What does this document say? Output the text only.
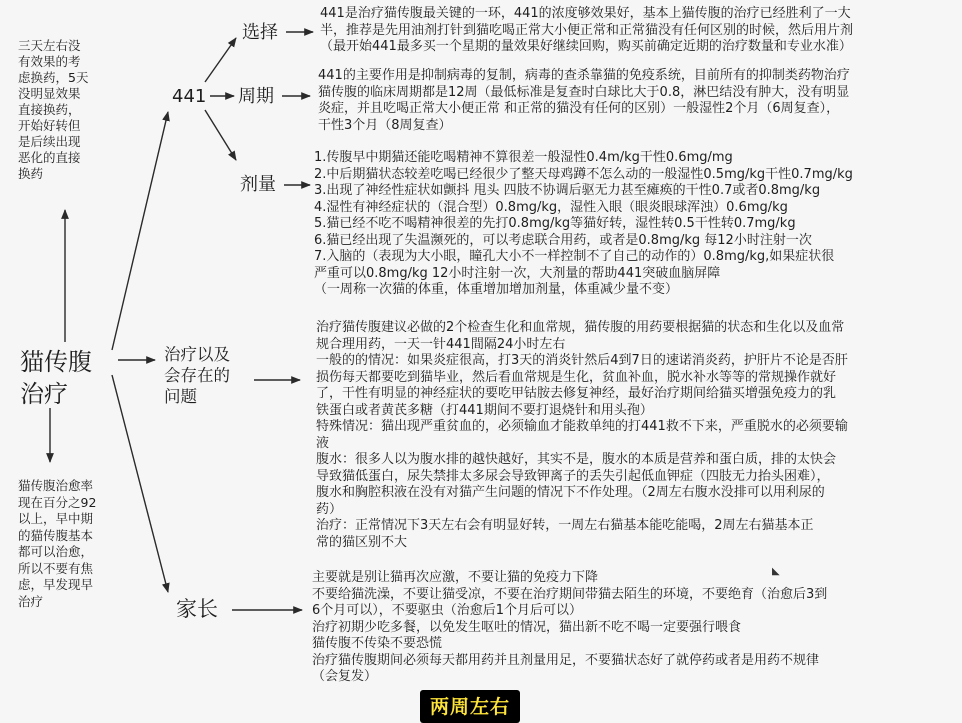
猫传腹
治疗
三天左右没
有效果的考
虑换药，5天
没明显效果
直接换药，
开始好转但
是后续出现
恶化的直接
换药
猫传腹治愈率
现在百分之92
以上，早中期
的猫传腹基本
都可以治愈，
所以不要有焦
虑，早发现早
治疗
441
选择
周期
剂量
441是治疗猫传腹最关键的一环，441的浓度够效果好，基本上猫传腹的治疗已经胜利了一大
半，推荐是先用油剂打针到猫吃喝正常大小便正常和正常猫没有任何区别的时候，然后用片剂
（最开始441最多买一个星期的量效果好继续回购，购买前确定近期的治疗数量和专业水准）
441的主要作用是抑制病毒的复制，病毒的查杀靠猫的免疫系统，目前所有的抑制类药物治疗
猫传腹的临床周期都是12周（最低标准是复查时白球比大于0.8，淋巴结没有肿大，没有明显
炎症，并且吃喝正常大小便正常 和正常的猫没有任何的区别）一般湿性2个月（6周复查），
干性3个月（8周复查）
1.传腹早中期猫还能吃喝精神不算很差一般湿性0.4m/kg干性0.6mg/mg
2.中后期猫状态较差吃喝已经很少了整天母鸡蹲不怎么动的一般湿性0.5mg/kg干性0.7mg/kg
3.出现了神经性症状如颤抖 甩头 四肢不协调后驱无力甚至瘫痪的干性0.7或者0.8mg/kg
4.湿性有神经症状的（混合型）0.8mg/kg，湿性入眼（眼炎眼球浑浊）0.6mg/kg
5.猫已经不吃不喝精神很差的先打0.8mg/kg等猫好转，湿性转0.5干性转0.7mg/kg
6.猫已经出现了失温濒死的，可以考虑联合用药，或者是0.8mg/kg 每12小时注射一次
7.入脑的（表现为大小眼，瞳孔大小不一样控制不了自己的动作的）0.8mg/kg,如果症状很
严重可以0.8mg/kg 12小时注射一次，大剂量的帮助441突破血脑屏障
（一周称一次猫的体重，体重增加增加剂量，体重减少量不变）
治疗以及
会存在的
问题
治疗猫传腹建议必做的2个检查生化和血常规，猫传腹的用药要根据猫的状态和生化以及血常
规合理用药，一天一针441間隔24小时左右
一般的的情况：如果炎症很高，打3天的消炎针然后4到7日的速诺消炎药，护肝片不论是否肝
损伤每天都要吃到猫毕业，然后看血常规是生化，贫血补血，脱水补水等等的常规操作就好
了，干性有明显的神经症状的要吃甲钴胺去修复神经，最好治疗期间给猫买增强免疫力的乳
铁蛋白或者黄芪多糖（打441期间不要打退烧针和用头孢）
特殊情况：猫出现严重贫血的，必须输血才能救单纯的打441救不下来，严重脱水的必须要输
液
腹水：很多人以为腹水排的越快越好，其实不是，腹水的本质是营养和蛋白质，排的太快会
导致猫低蛋白，尿失禁排太多尿会导致钾离子的丢失引起低血钾症（四肢无力抬头困难），
腹水和胸腔积液在没有对猫产生问题的情况下不作处理。（2周左右腹水没排可以用利尿的
药）
治疗：正常情况下3天左右会有明显好转，一周左右猫基本能吃能喝，2周左右猫基本正
常的猫区别不大
家长
主要就是别让猫再次应激，不要让猫的免疫力下降
不要给猫洗澡，不要让猫受凉，不要在治疗期间带猫去陌生的环境，不要绝育（治愈后3到
6个月可以），不要驱虫（治愈后1个月后可以）
治疗初期少吃多餐，以免发生呕吐的情况，猫出新不吃不喝一定要强行喂食
猫传腹不传染不要恐慌
治疗猫传腹期间必须每天都用药并且剂量用足，不要猫状态好了就停药或者是用药不规律
（会复发）
两周左右
◣
